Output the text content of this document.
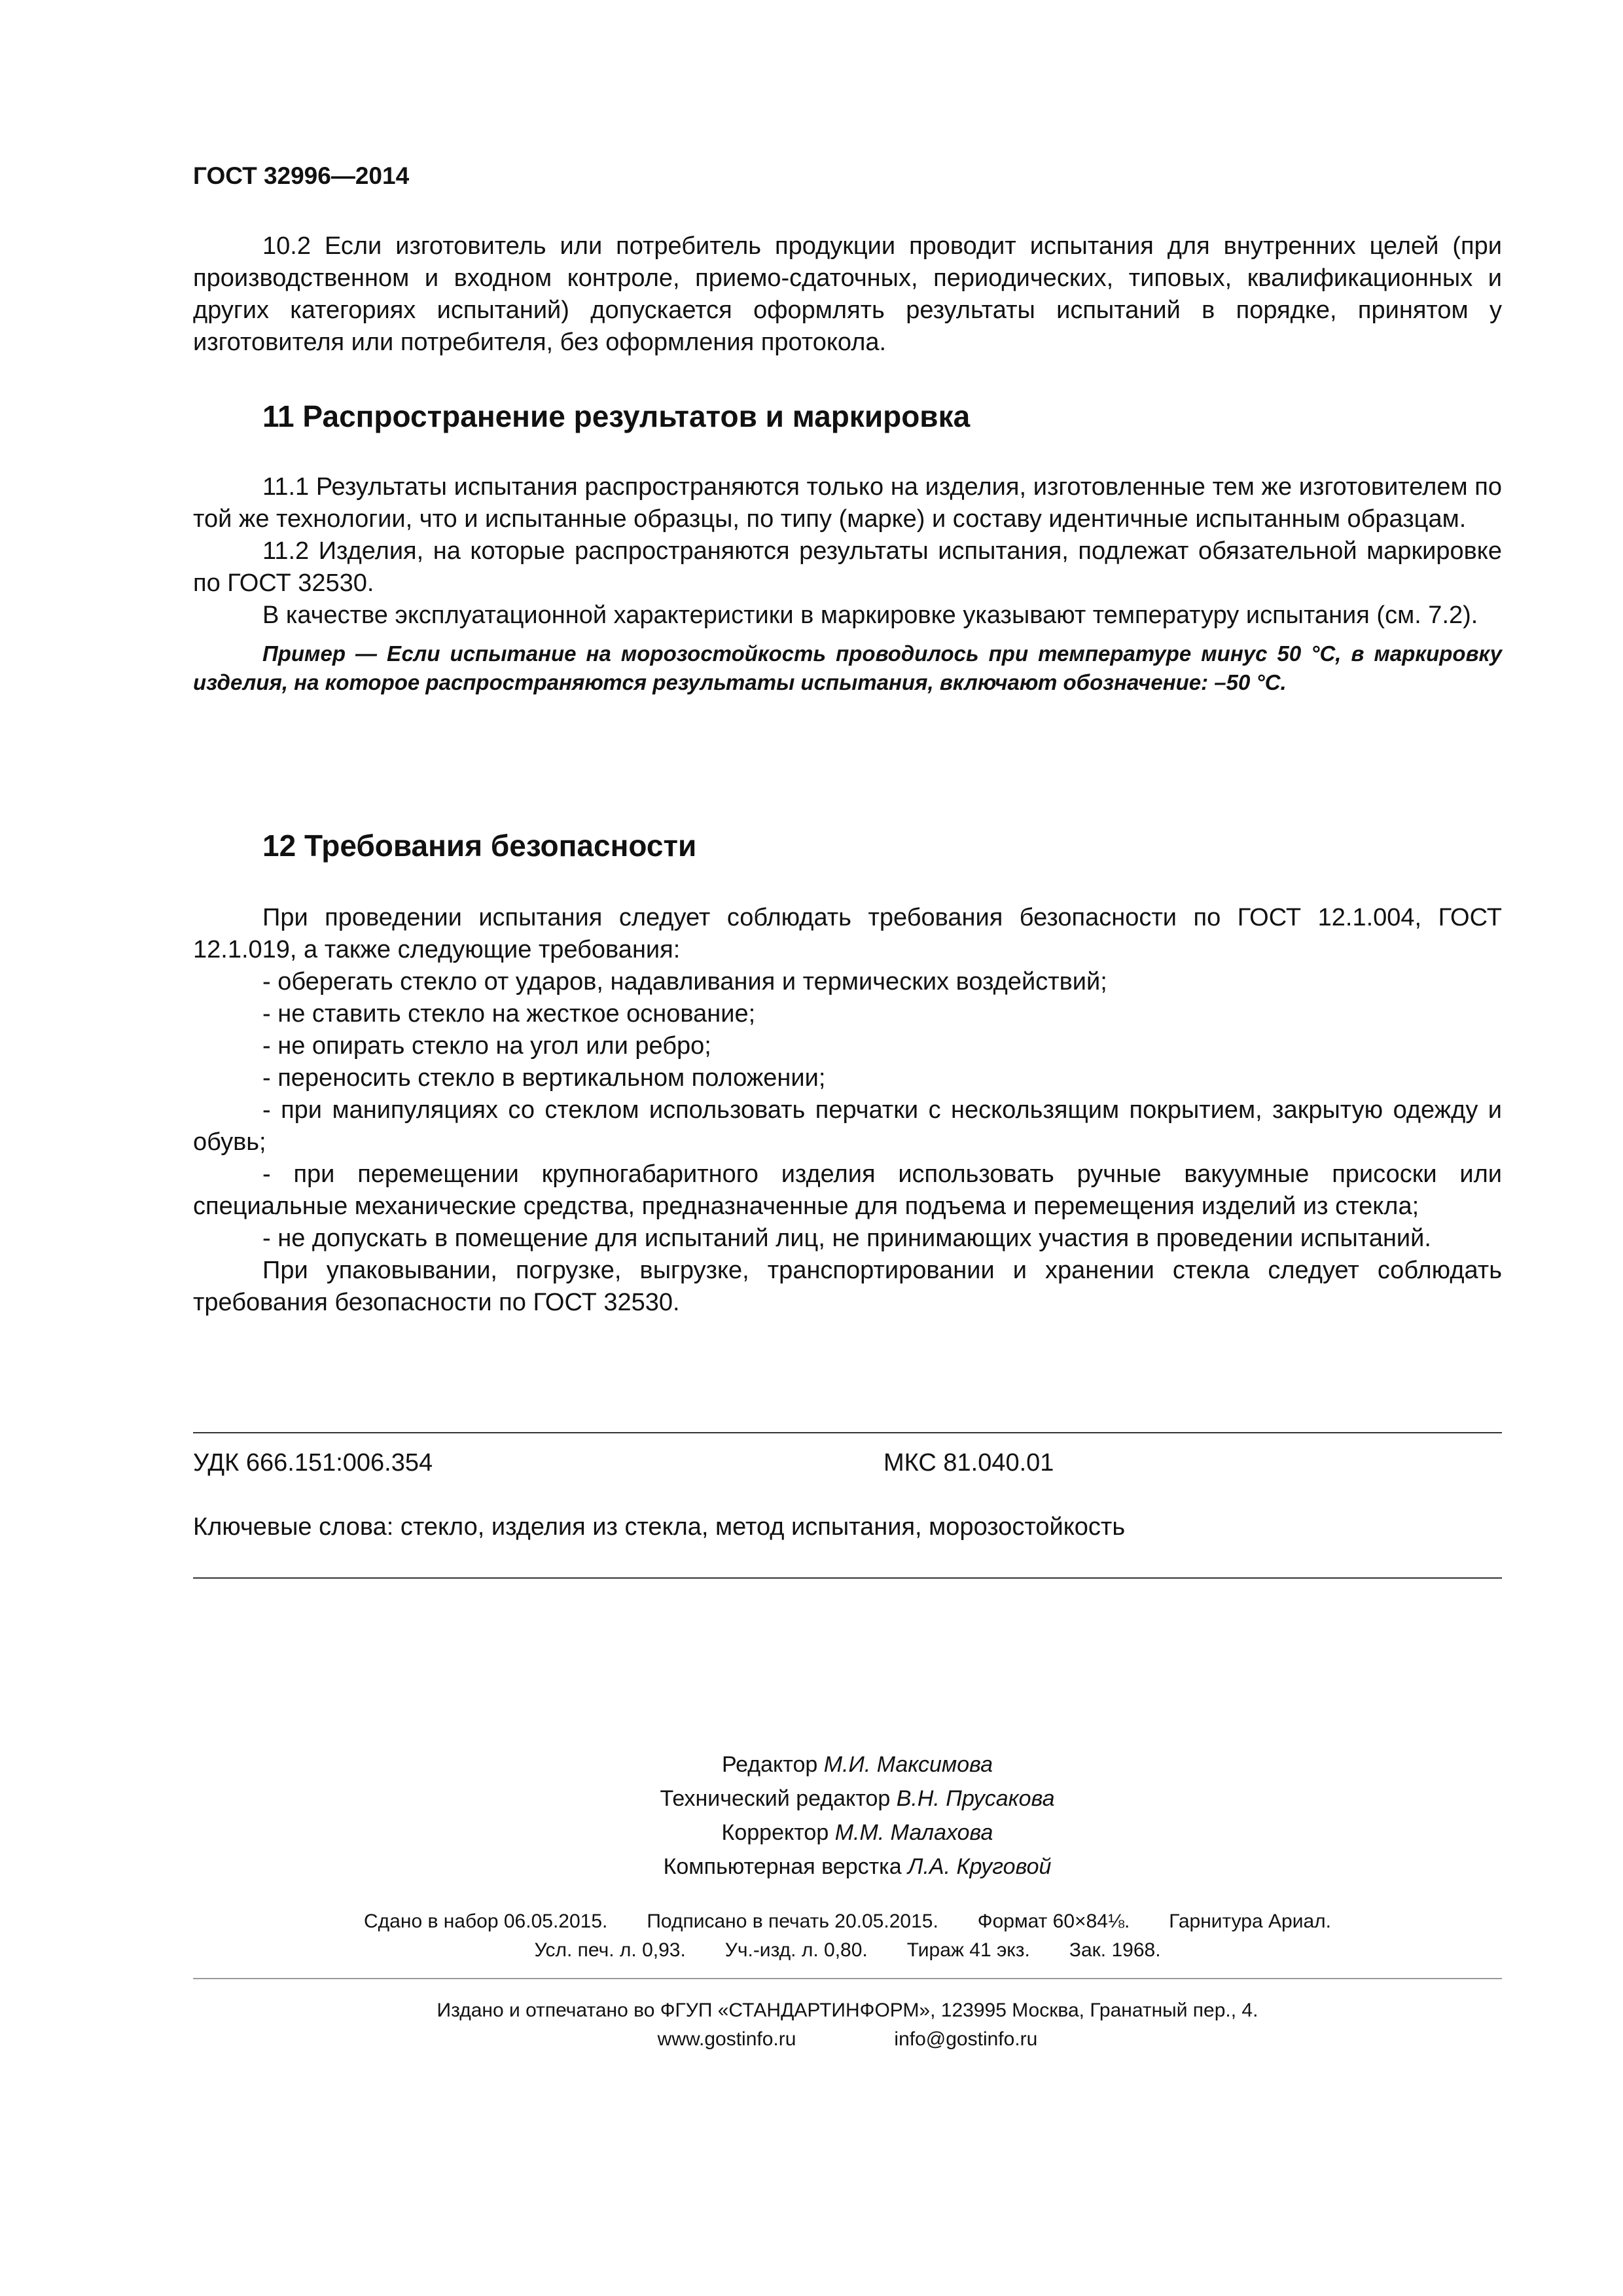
ГОСТ 32996—2014

10.2 Если изготовитель или потребитель продукции проводит испытания для внутренних целей (при производственном и входном контроле, приемо-сдаточных, периодических, типовых, квалификационных и других категориях испытаний) допускается оформлять результаты испытаний в порядке, принятом у изготовителя или потребителя, без оформления протокола.

11 Распространение результатов и маркировка

11.1 Результаты испытания распространяются только на изделия, изготовленные тем же изготовителем по той же технологии, что и испытанные образцы, по типу (марке) и составу идентичные испытанным образцам.

11.2 Изделия, на которые распространяются результаты испытания, подлежат обязательной маркировке по ГОСТ 32530.

В качестве эксплуатационной характеристики в маркировке указывают температуру испытания (см. 7.2).

Пример — Если испытание на морозостойкость проводилось при температуре минус 50 °С, в маркировку изделия, на которое распространяются результаты испытания, включают обозначение: –50 °С.

12 Требования безопасности

При проведении испытания следует соблюдать требования безопасности по ГОСТ 12.1.004, ГОСТ 12.1.019, а также следующие требования:

- оберегать стекло от ударов, надавливания и термических воздействий;

- не ставить стекло на жесткое основание;

- не опирать стекло на угол или ребро;

- переносить стекло в вертикальном положении;

- при манипуляциях со стеклом использовать перчатки с нескользящим покрытием, закрытую одежду и обувь;

- при перемещении крупногабаритного изделия использовать ручные вакуумные присоски или специальные механические средства, предназначенные для подъема и перемещения изделий из стекла;

- не допускать в помещение для испытаний лиц, не принимающих участия в проведении испытаний.

При упаковывании, погрузке, выгрузке, транспортировании и хранении стекла следует соблюдать требования безопасности по ГОСТ 32530.

УДК 666.151:006.354	МКС 81.040.01
Ключевые слова: стекло, изделия из стекла, метод испытания, морозостойкость
Редактор М.И. Максимова
Технический редактор В.Н. Прусакова
Корректор М.М. Малахова
Компьютерная верстка Л.А. Круговой
Сдано в набор 06.05.2015. Подписано в печать 20.05.2015. Формат 60×84⅛. Гарнитура Ариал.
Усл. печ. л. 0,93. Уч.-изд. л. 0,80. Тираж 41 экз. Зак. 1968.
Издано и отпечатано во ФГУП «СТАНДАРТИНФОРМ», 123995 Москва, Гранатный пер., 4.
www.gostinfo.ru	info@gostinfo.ru
